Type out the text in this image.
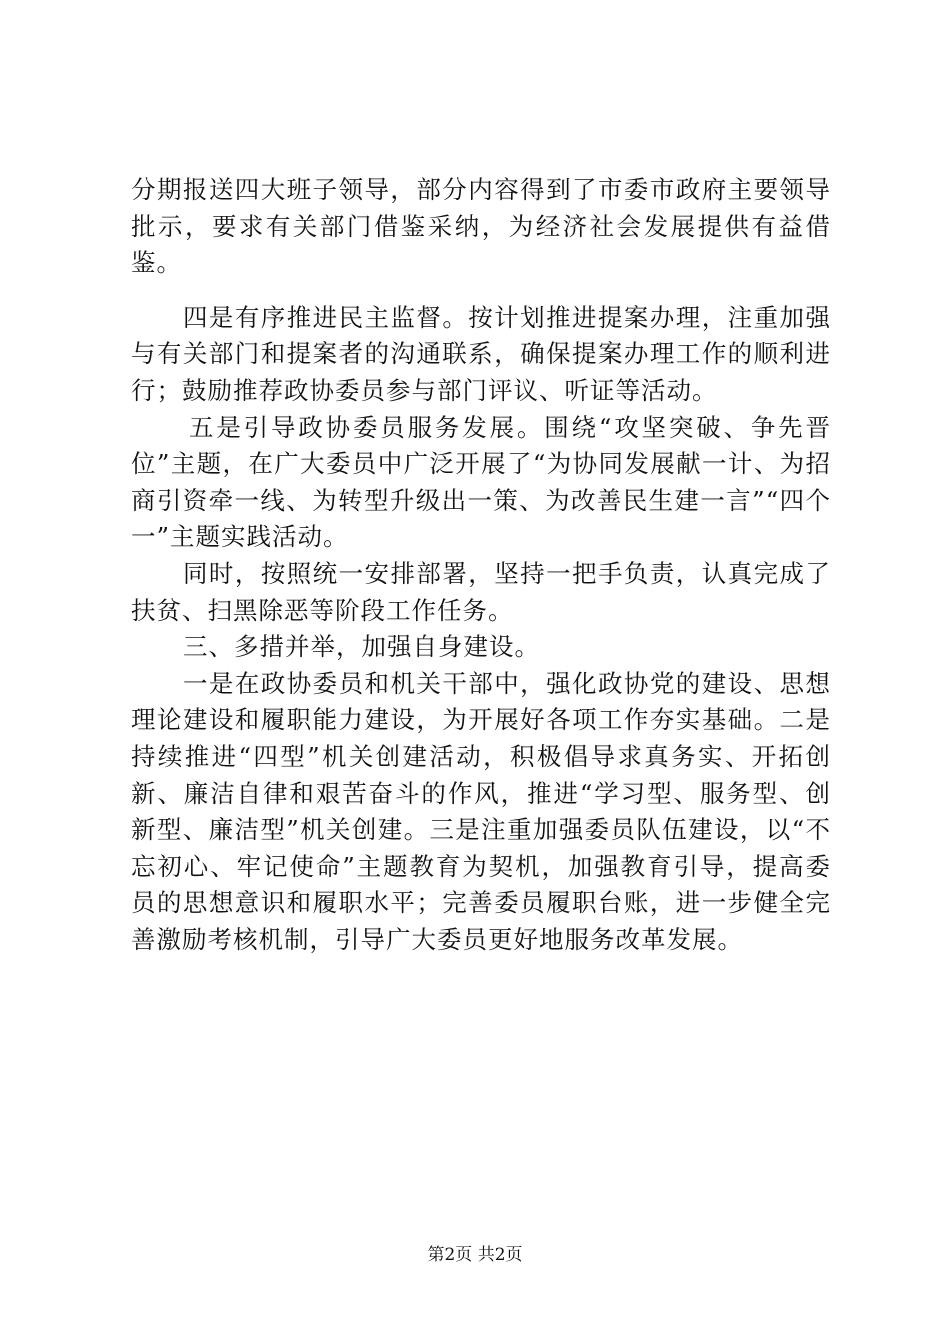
分期报送四大班子领导，部分内容得到了市委市政府主要领导批示，要求有关部门借鉴采纳，为经济社会发展提供有益借鉴。

四是有序推进民主监督。按计划推进提案办理，注重加强与有关部门和提案者的沟通联系，确保提案办理工作的顺利进行；鼓励推荐政协委员参与部门评议、听证等活动。

五是引导政协委员服务发展。围绕“攻坚突破、争先晋位”主题，在广大委员中广泛开展了“为协同发展献一计、为招商引资牵一线、为转型升级出一策、为改善民生建一言”“四个一”主题实践活动。

同时，按照统一安排部署，坚持一把手负责，认真完成了扶贫、扫黑除恶等阶段工作任务。

三、多措并举，加强自身建设。

一是在政协委员和机关干部中，强化政协党的建设、思想理论建设和履职能力建设，为开展好各项工作夯实基础。二是持续推进“四型”机关创建活动，积极倡导求真务实、开拓创新、廉洁自律和艰苦奋斗的作风，推进“学习型、服务型、创新型、廉洁型”机关创建。三是注重加强委员队伍建设，以“不忘初心、牢记使命”主题教育为契机，加强教育引导，提高委员的思想意识和履职水平；完善委员履职台账，进一步健全完善激励考核机制，引导广大委员更好地服务改革发展。

第2页 共2页
